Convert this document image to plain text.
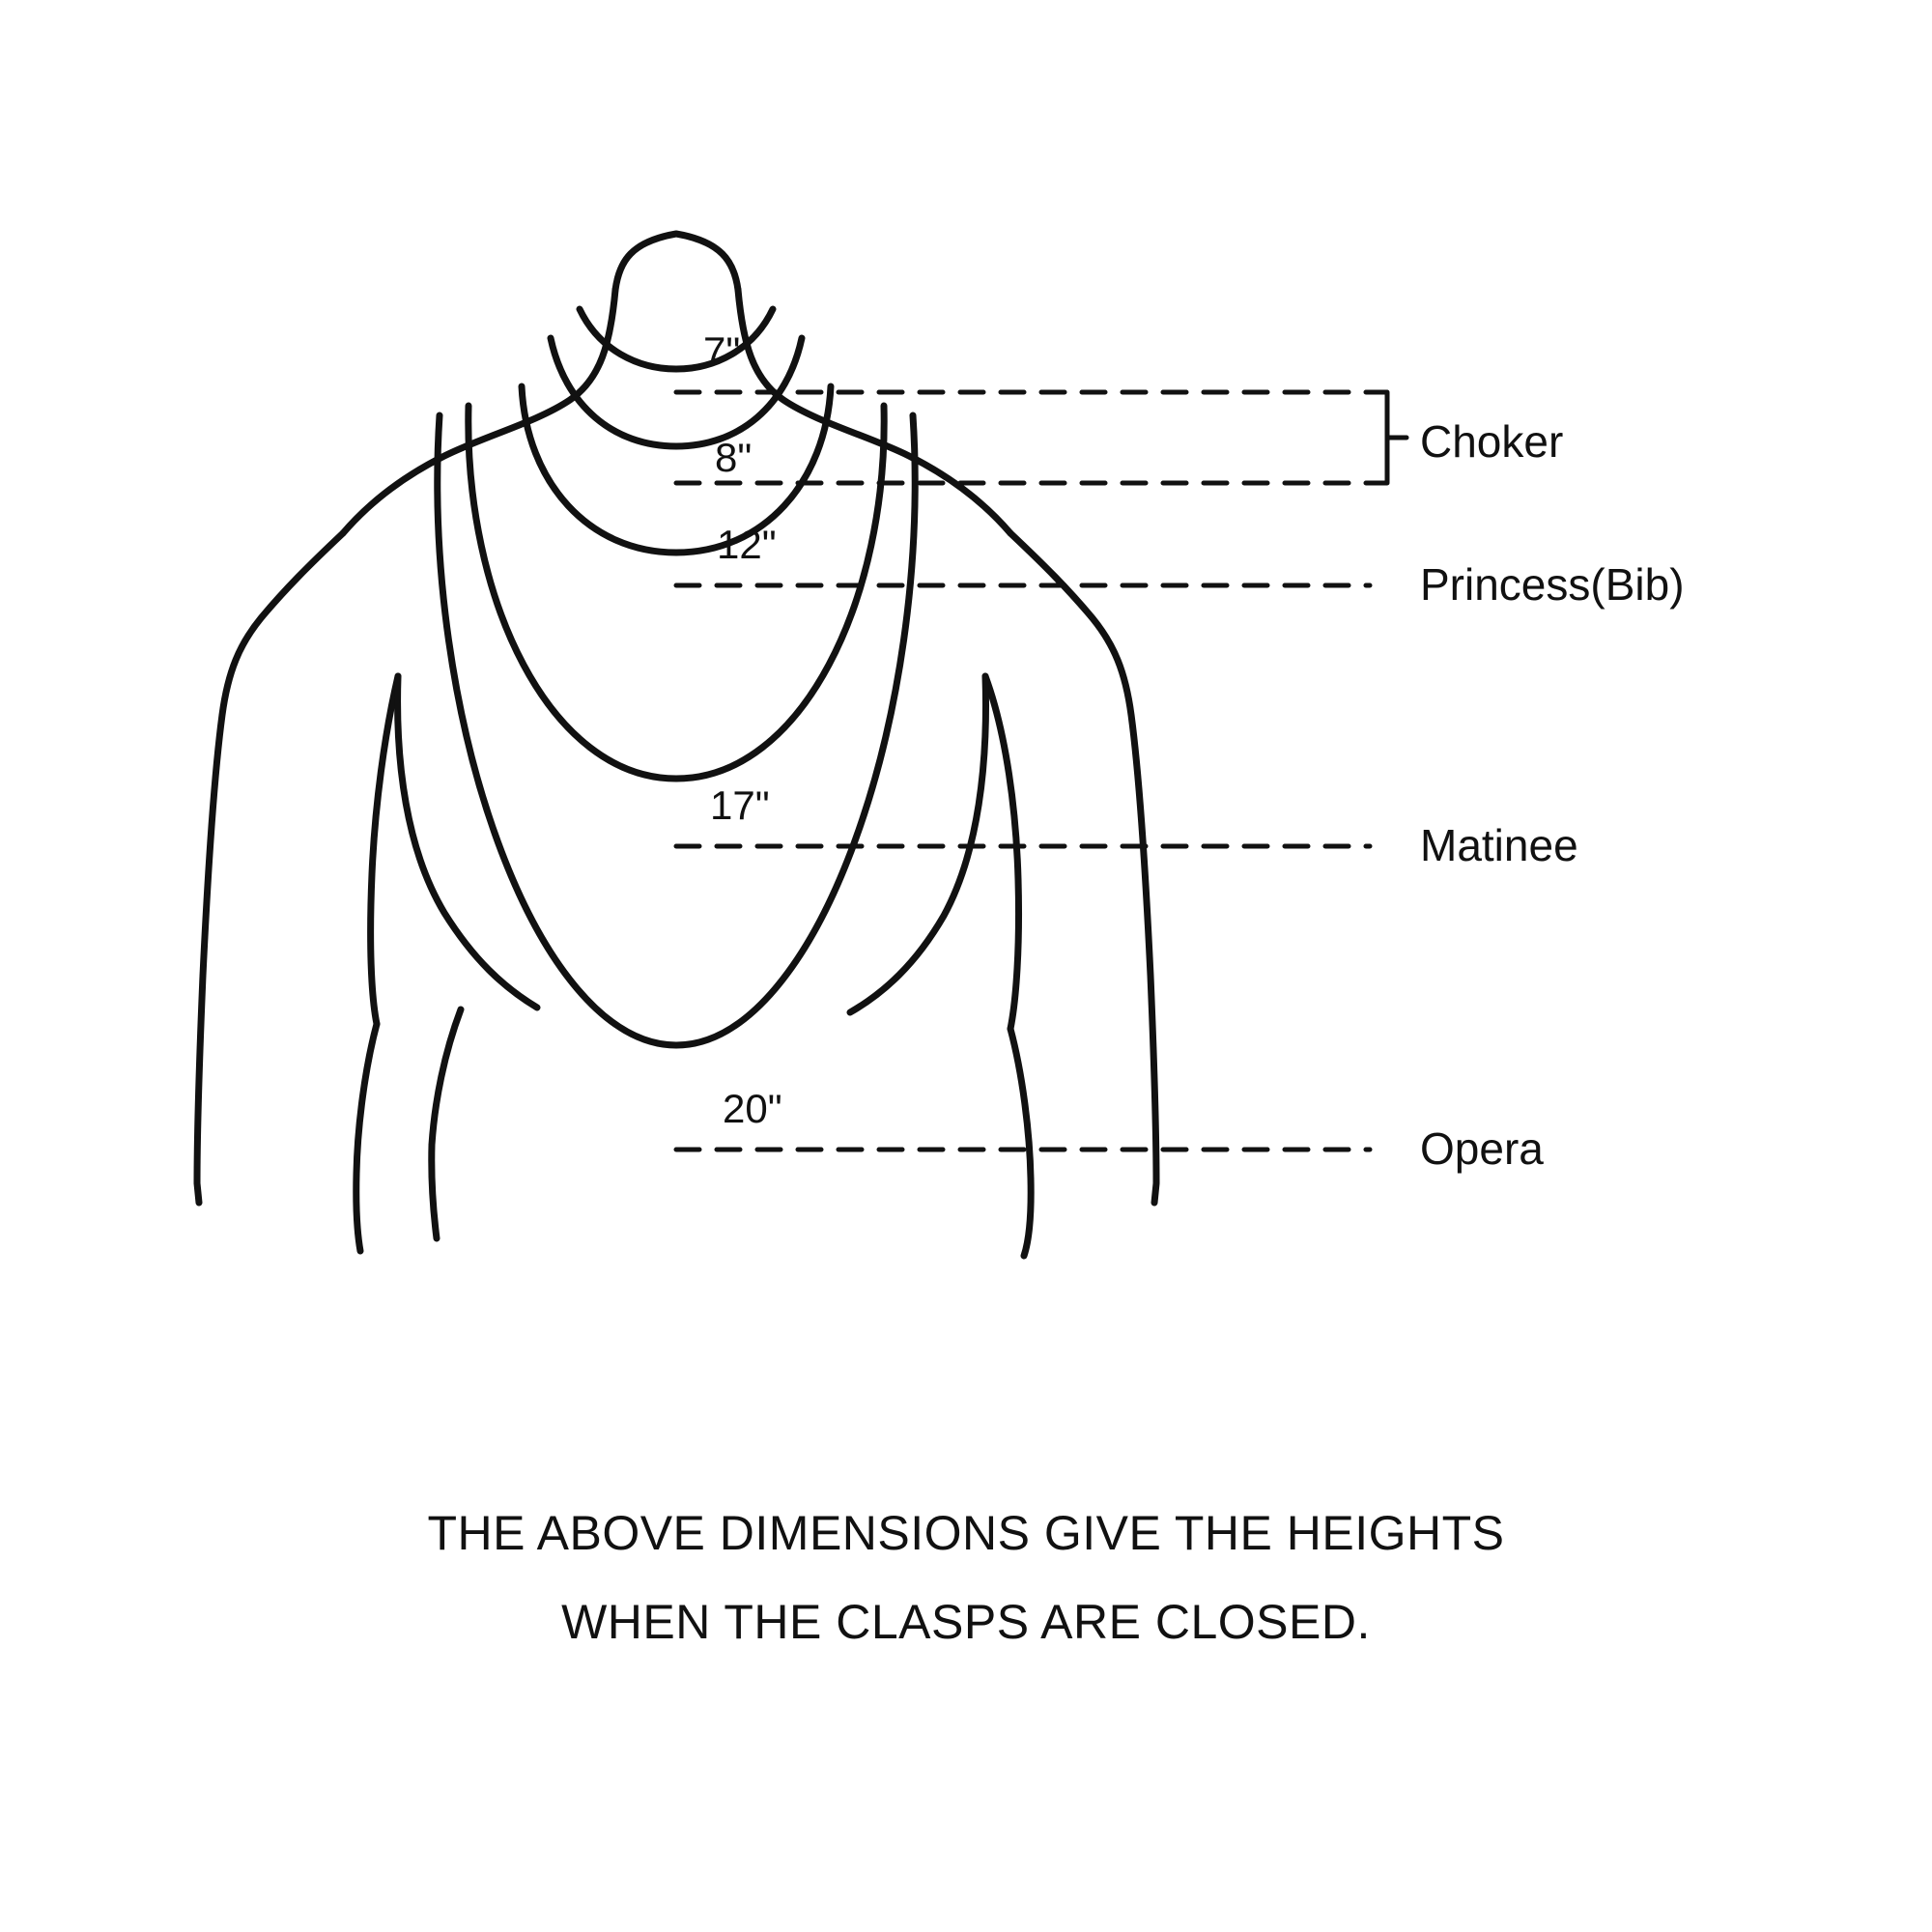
7"
8"
12"
17"
20"
Choker
Princess(Bib)
Matinee
Opera
THE ABOVE DIMENSIONS GIVE THE HEIGHTS
WHEN THE CLASPS ARE CLOSED.
